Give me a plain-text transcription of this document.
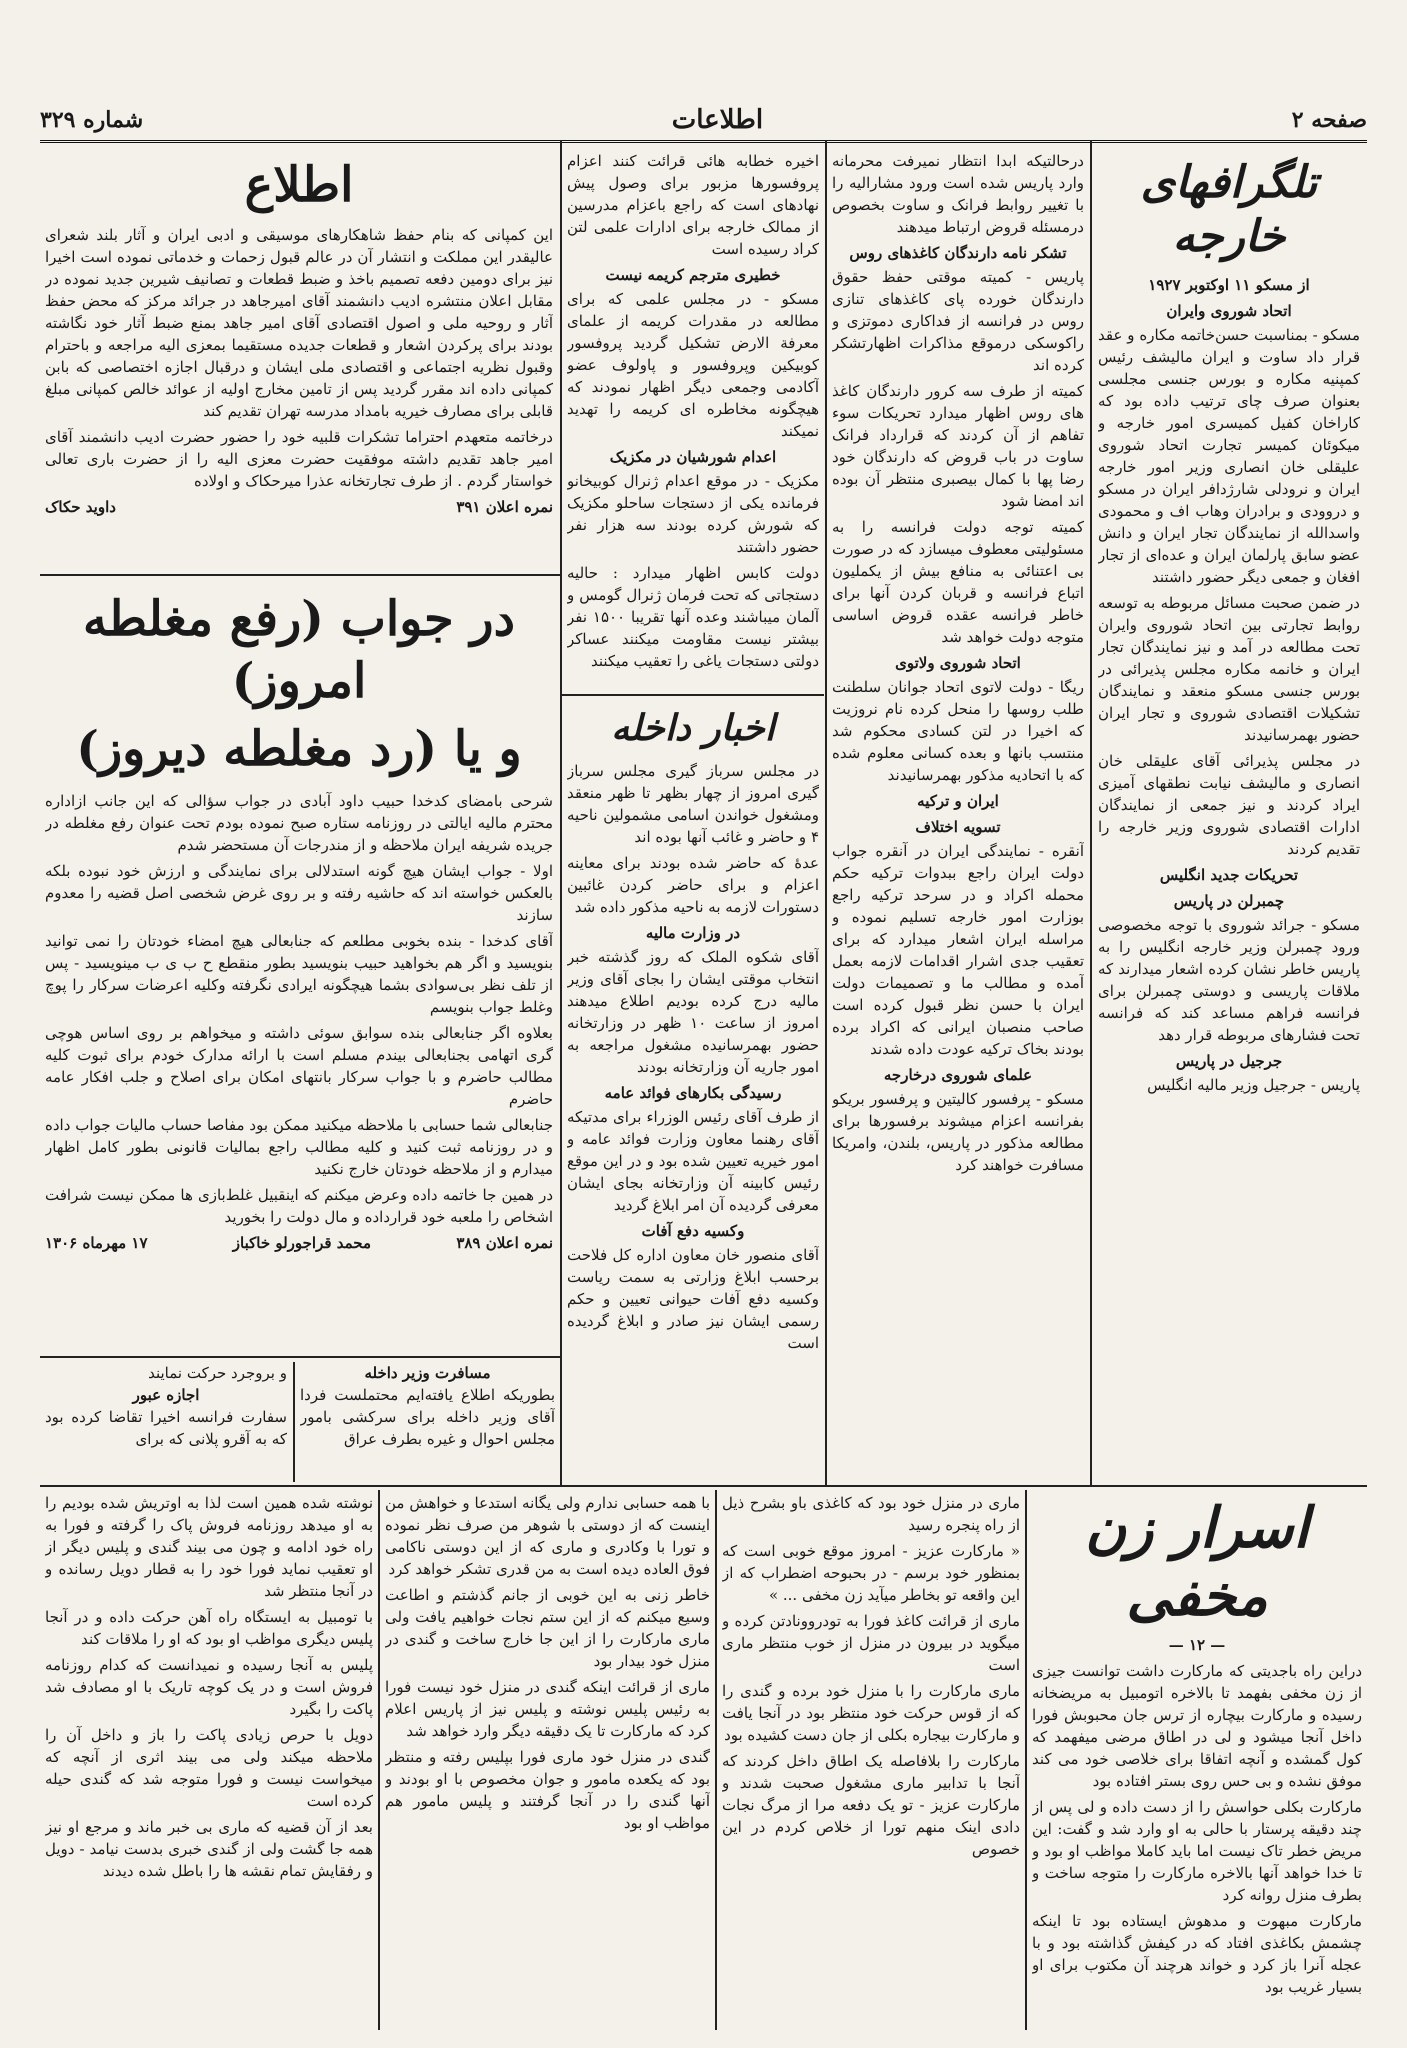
صفحه ۲
اطلاعات
شماره ۳۲۹
تلگرافهای خارجه
از مسکو ۱۱ اوکتوبر ۱۹۲۷
اتحاد شوروی وایران

مسکو - بمناسبت حسن‌خاتمه مکاره و عقد قرار داد ساوت و ایران مالیشف رئیس کمپنیه مکاره و بورس جنسی مجلسی بعنوان صرف چای ترتیب داده بود که کاراخان کفیل کمیسری امور خارجه و میکوئان کمیسر تجارت اتحاد شوروی علیقلی خان انصاری وزیر امور خارجه ایران و نرودلی شارژدافر ایران در مسکو و دروودی و برادران وهاب اف و محمودی واسدالله از نمایندگان تجار ایران و دانش عضو سابق پارلمان ایران و عده‌ای از تجار افغان و جمعی دیگر حضور داشتند

در ضمن صحبت مسائل مربوطه به توسعه روابط تجارتی بین اتحاد شوروی وایران تحت مطالعه در آمد و نیز نمایندگان تجار ایران و خانمه مکاره مجلس پذیرائی در بورس جنسی مسکو منعقد و نمایندگان تشکیلات اقتصادی شوروی و تجار ایران حضور بهمرسانیدند

در مجلس پذیرائی آقای علیقلی خان انصاری و مالیشف نیابت نطقهای آمیزی ایراد کردند و نیز جمعی از نمایندگان ادارات اقتصادی شوروی وزیر خارجه را تقدیم کردند

تحریکات جدید انگلیس
چمبرلن در پاریس

مسکو - جرائد شوروی با توجه مخصوصی ورود چمبرلن وزیر خارجه انگلیس را به پاریس خاطر نشان کرده اشعار میدارند که ملاقات پاریسی و دوستی چمبرلن برای فرانسه فراهم مساعد کند که فرانسه تحت فشارهای مربوطه قرار دهد

جرجیل در پاریس

پاریس - جرجیل وزیر مالیه انگلیس

درحالتیکه ابدا انتظار نمیرفت محرمانه وارد پاریس شده است ورود مشارالیه را با تغییر روابط فرانک و ساوت بخصوص درمسئله قروض ارتباط میدهند

تشکر نامه دارندگان کاغذهای روس

پاریس - کمیته موقتی حفظ حقوق دارندگان خورده پای کاغذهای تنازی روس در فرانسه از فداکاری دموتزی و راکوسکی درموقع مذاکرات اظهارتشکر کرده اند

کمیته از طرف سه کرور دارندگان کاغذ های روس اظهار میدارد تحریکات سوء تفاهم از آن کردند که قرارداد فرانک ساوت در باب قروض که دارندگان خود رضا پها با کمال بیصبری منتظر آن بوده اند امضا شود

کمیته توجه دولت فرانسه را به مسئولیتی معطوف میسازد که در صورت بی اعتنائی به منافع بیش از یکملیون اتباع فرانسه و قربان کردن آنها برای خاطر فرانسه عقده قروض اساسی متوجه دولت خواهد شد

اتحاد شوروی ولاتوی

ریگا - دولت لاتوی اتحاد جوانان سلطنت طلب روسها را منحل کرده نام نروزیت که اخیرا در لتن کسادی محکوم شد منتسب بانها و بعده کسانی معلوم شده که با اتحادیه مذکور بهمرسانیدند

ایران و ترکیه
تسویه اختلاف

آنقره - نمایندگی ایران در آنقره جواب دولت ایران راجع ببدوات ترکیه حکم محمله اکراد و در سرحد ترکیه راجع بوزارت امور خارجه تسلیم نموده و مراسله ایران اشعار میدارد که برای تعقیب جدی اشرار اقدامات لازمه بعمل آمده و مطالب ما و تصمیمات دولت ایران با حسن نظر قبول کرده است صاحب منصبان ایرانی که اکراد برده بودند بخاک ترکیه عودت داده شدند

علمای شوروی درخارجه

مسکو - پرفسور کالیتین و پرفسور بریکو بفرانسه اعزام میشوند برفسورها برای مطالعه مذکور در پاریس، بلندن، وامریکا مسافرت خواهند کرد

اخیره خطابه هائی قرائت کنند اعزام پروفسورها مزبور برای وصول پیش نهادهای است که راجع باعزام مدرسین از ممالک خارجه برای ادارات علمی لتن کراد رسیده است

خطیری مترجم کریمه نیست

مسکو - در مجلس علمی که برای مطالعه در مقدرات کریمه از علمای معرفة الارض تشکیل گردید پروفسور کوبیکین وپروفسور و پاولوف عضو آکادمی وجمعی دیگر اظهار نمودند که هیچگونه مخاطره ای کریمه را تهدید نمیکند

اعدام شورشیان در مکزیک

مکزیک - در موقع اعدام ژنرال کوبیخانو فرمانده یکی از دستجات ساحلو مکزیک که شورش کرده بودند سه هزار نفر حضور داشتند

دولت کابس اظهار میدارد : حالیه دستجاتی که تحت فرمان ژنرال گومس و آلمان میباشند وعده آنها تقریبا ۱۵۰۰ نفر بیشتر نیست مقاومت میکنند عساکر دولتی دستجات یاغی را تعقیب میکنند

اخبار داخله

در مجلس سرباز گیری مجلس سرباز گیری امروز از چهار بظهر تا ظهر منعقد ومشغول خواندن اسامی مشمولین ناحیه ۴ و حاضر و غائب آنها بوده اند

عدهٔ که حاضر شده بودند برای معاینه اعزام و برای حاضر کردن غائبین دستورات لازمه به ناحیه مذکور داده شد

در وزارت مالیه

آقای شکوه الملک که روز گذشته خبر انتخاب موقتی ایشان را بجای آقای وزیر مالیه درج کرده بودیم اطلاع میدهند امروز از ساعت ۱۰ ظهر در وزارتخانه حضور بهمرسانیده مشغول مراجعه به امور جاریه آن وزارتخانه بودند

رسیدگی بکارهای فوائد عامه

از طرف آقای رئیس الوزراء برای مدتیکه آقای رهنما معاون وزارت فوائد عامه و امور خیریه تعیین شده بود و در این موقع رئیس کابینه آن وزارتخانه بجای ایشان معرفی گردیده آن امر ابلاغ گردید

وکسیه دفع آفات

آقای منصور خان معاون اداره کل فلاحت برحسب ابلاغ وزارتی به سمت ریاست وکسیه دفع آفات حیوانی تعیین و حکم رسمی ایشان نیز صادر و ابلاغ گردیده است

اطلاع

این کمپانی که بنام حفظ شاهکارهای موسیقی و ادبی ایران و آثار بلند شعرای عالیقدر این مملکت و انتشار آن در عالم قبول زحمات و خدماتی نموده است اخیرا نیز برای دومین دفعه تصمیم باخذ و ضبط قطعات و تصانیف شیرین جدید نموده در مقابل اعلان منتشره ادیب دانشمند آقای امیرجاهد در جرائد مرکز که محض حفظ آثار و روحیه ملی و اصول اقتصادی آقای امیر جاهد بمنع ضبط آثار خود نگاشته بودند برای پرکردن اشعار و قطعات جدیده مستقیما بمعزی الیه مراجعه و باحترام وقبول نظریه اجتماعی و اقتصادی ملی ایشان و درقبال اجازه اختصاصی که بابن کمپانی داده اند مقرر گردید پس از تامین مخارج اولیه از عوائد خالص کمپانی مبلغ قابلی برای مصارف خیریه بامداد مدرسه تهران تقدیم کند

درخاتمه متعهدم احتراما تشکرات قلبیه خود را حضور حضرت ادیب دانشمند آقای امیر جاهد تقدیم داشته موفقیت حضرت معزی الیه را از حضرت باری تعالی خواستار گردم . از طرف تجارتخانه عذرا میرحکاک و اولاده

نمره اعلان ۳۹۱
داوید حکاک
در جواب (رفع مغلطه امروز)
و یا (رد مغلطه دیروز)

شرحی بامضای کدخدا حبیب داود آبادی در جواب سؤالی که این جانب ازاداره محترم مالیه ایالتی در روزنامه ستاره صبح نموده بودم تحت عنوان رفع مغلطه در جریده شریفه ایران ملاحظه و از مندرجات آن مستحضر شدم

اولا - جواب ایشان هیچ گونه استدلالی برای نمایندگی و ارزش خود نبوده بلکه بالعکس خواسته اند که حاشیه رفته و بر روی غرض شخصی اصل قضیه را معدوم سازند

آقای کدخدا - بنده بخوبی مطلعم که جنابعالی هیچ امضاء خودتان را نمی توانید بنویسید و اگر هم بخواهید حبیب بنویسید بطور منقطع ح ب ی ب مینویسید - پس از تلف نظر بی‌سوادی بشما هیچگونه ایرادی نگرفته وکلیه اعرضات سرکار را پوچ وغلط جواب بنویسم

بعلاوه اگر جنابعالی بنده سوابق سوئی داشته و میخواهم بر روی اساس هوچی گری اتهامی بجنابعالی بیندم مسلم است با ارائه مدارک خودم برای ثبوت کلیه مطالب حاضرم و با جواب سرکار بانتهای امکان برای اصلاح و جلب افکار عامه حاضرم

جنابعالی شما حسابی با ملاحظه میکنید ممکن بود مفاصا حساب مالیات جواب داده و در روزنامه ثبت کنید و کلیه مطالب راجع بمالیات قانونی بطور کامل اظهار میدارم و از ملاحظه خودتان خارج نکنید

در همین جا خاتمه داده وعرض میکنم که اینقبیل غلط‌بازی ها ممکن نیست شرافت اشخاص را ملعبه خود قرارداده و مال دولت را بخورید

نمره اعلان ۳۸۹
محمد قراجورلو خاکباز
۱۷ مهرماه ۱۳۰۶
مسافرت وزیر داخله

بطوریکه اطلاع یافته‌ایم محتملست فردا آقای وزیر داخله برای سرکشی بامور مجلس احوال و غیره بطرف عراق

و بروجرد حرکت نمایند

اجازه عبور

سفارت فرانسه اخیرا تقاضا کرده بود که به آقرو پلانی که برای

اسرار زن مخفی
— ۱۲ —

دراین راه باجدیتی که مارکارت داشت توانست جیزی از زن مخفی بفهمد تا بالاخره اتومبیل به مریضخانه رسیده و مارکارت بیچاره از ترس جان محبوبش فورا داخل آنجا میشود و لی در اطاق مرضی میفهمد که کول گمشده و آنچه اتفاقا برای خلاصی خود می کند موفق نشده و بی حس روی بستر افتاده بود

مارکارت بکلی حواسش را از دست داده و لی پس از چند دقیقه پرستار با حالی به او وارد شد و گفت: این مریض خطر تاک نیست اما باید کاملا مواظب او بود و تا خدا خواهد آنها بالاخره مارکارت را متوجه ساخت و بطرف منزل روانه کرد

مارکارت مبهوت و مدهوش ایستاده بود تا اینکه چشمش بکاغذی افتاد که در کیفش گذاشته بود و با عجله آنرا باز کرد و خواند هرچند آن مکتوب برای او بسیار غریب بود

ماری در منزل خود بود که کاغذی باو بشرح ذیل از راه پنجره رسید

« مارکارت عزیز - امروز موقع خوبی است که بمنظور خود برسم - در بحبوحه اضطراب که از این واقعه تو بخاطر میآید زن مخفی ... »

ماری از قرائت کاغذ فورا به تودروونادتن کرده و میگوید در بیرون در منزل از خوب منتظر ماری است

ماری مارکارت را با منزل خود برده و گندی را که از قوس حرکت خود منتظر بود در آنجا یافت و مارکارت بیجاره بکلی از جان دست کشیده بود

مارکارت را بلافاصله یک اطاق داخل کردند که آنجا با تدابیر ماری مشغول صحبت شدند و مارکارت عزیز - تو یک دفعه مرا از مرگ نجات دادی اینک منهم تورا از خلاص کردم در این خصوص

با همه حسابی ندارم ولی یگانه استدعا و خواهش من اینست که از دوستی با شوهر من صرف نظر نموده و تورا با وکادری و ماری که از این دوستی ناکامی فوق العاده دیده است به من قدری تشکر خواهد کرد

خاطر زنی به این خوبی از جانم گذشتم و اطاعت وسیع میکنم که از این ستم نجات خواهیم یافت ولی ماری مارکارت را از این جا خارج ساخت و گندی در منزل خود بیدار بود

ماری از قرائت اینکه گندی در منزل خود نیست فورا به رئیس پلیس نوشته و پلیس نیز از پاریس اعلام کرد که مارکارت تا یک دقیقه دیگر وارد خواهد شد

گندی در منزل خود ماری فورا بپلیس رفته و منتظر بود که یکعده مامور و جوان مخصوص با او بودند و آنها گندی را در آنجا گرفتند و پلیس مامور هم مواظب او بود

نوشته شده همین است لذا به اوتریش شده بودیم را به او میدهد روزنامه فروش پاک را گرفته و فورا به راه خود ادامه و چون می بیند گندی و پلیس دیگر از او تعقیب نماید فورا خود را به قطار دویل رسانده و در آنجا منتظر شد

با تومبیل به ایستگاه راه آهن حرکت داده و در آنجا پلیس دیگری مواظب او بود که او را ملاقات کند

پلیس به آنجا رسیده و نمیدانست که کدام روزنامه فروش است و در یک کوچه تاریک با او مصادف شد پاکت را بگیرد

دویل با حرص زیادی پاکت را باز و داخل آن را ملاحظه میکند ولی می بیند اثری از آنچه که میخواست نیست و فورا متوجه شد که گندی حیله کرده است

بعد از آن قضیه که ماری بی خبر ماند و مرجع او نیز همه جا گشت ولی از گندی خبری بدست نیامد - دویل و رفقایش تمام نقشه ها را باطل شده دیدند
